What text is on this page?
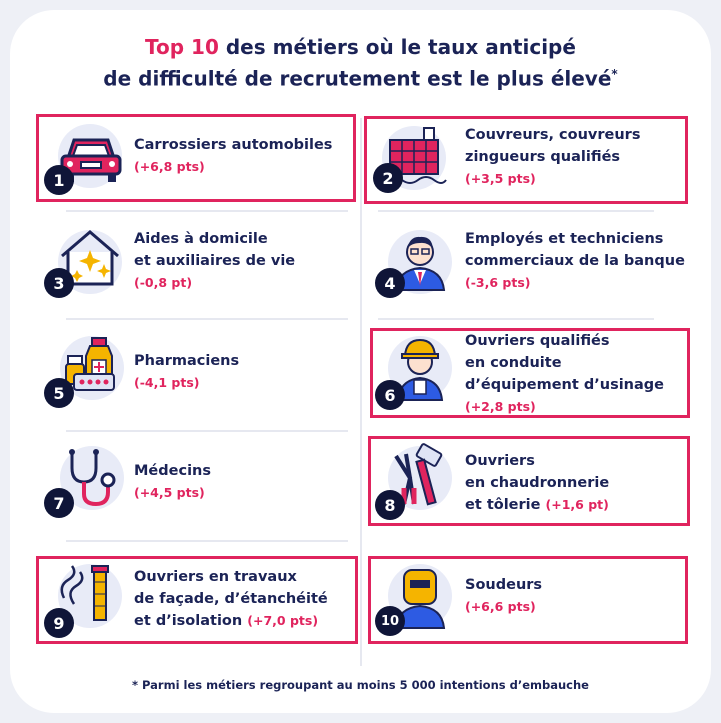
Top 10 des métiers où le taux anticipé
de difficulté de recrutement est le plus élevé*
1
Carrossiers automobiles
(+6,8 pts)
2
Couvreurs, couvreurs
zingueurs qualifiés
(+3,5 pts)
3
Aides à domicile
et auxiliaires de vie
(-0,8 pt)	4
Employés et techniciens
commerciaux de la banque
(-3,6 pts)
5
Pharmaciens
(-4,1 pts)
6
Ouvriers qualifiés
en conduite
d’équipement d’usinage
(+2,8 pts)
7
Médecins
(+4,5 pts)
8
Ouvriers
en chaudronnerie
et tôlerie (+1,6 pt)
9
Ouvriers en travaux
de façade, d’étanchéité
et d’isolation (+7,0 pts)	10
Soudeurs
(+6,6 pts)
* Parmi les métiers regroupant au moins 5 000 intentions d’embauche
